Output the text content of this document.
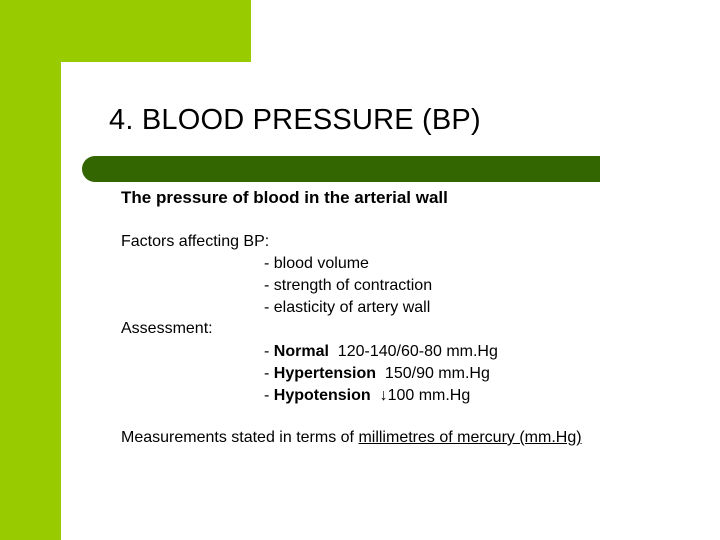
4. BLOOD PRESSURE (BP)
The pressure of blood in the arterial wall
Factors affecting BP:
- blood volume
- strength of contraction
- elasticity of artery wall
Assessment:
- Normal  120-140/60-80 mm.Hg
- Hypertension  150/90 mm.Hg
- Hypotension  ↓100 mm.Hg
Measurements stated in terms of millimetres of mercury (mm.Hg)
